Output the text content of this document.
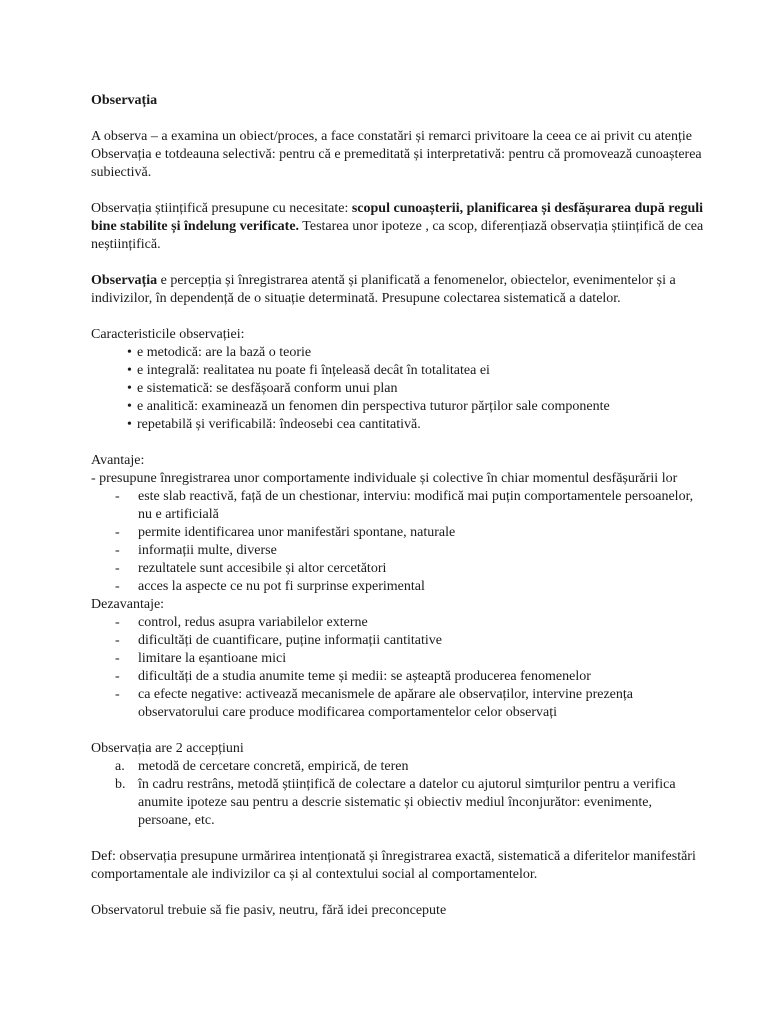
Observația

A observa – a examina un obiect/proces, a face constatări și remarci privitoare la ceea ce ai privit cu atenție

Observația e totdeauna selectivă: pentru că e premeditată și interpretativă: pentru că promovează cunoașterea subiectivă.

Observația științifică presupune cu necesitate: scopul cunoașterii, planificarea și desfășurarea după reguli bine stabilite și îndelung verificate. Testarea unor ipoteze , ca scop, diferențiază observația științifică de cea neștiințifică.

Observația e percepția și înregistrarea atentă și planificată a fenomenelor, obiectelor, evenimentelor și a indivizilor, în dependență de o situație determinată. Presupune colectarea sistematică a datelor.

Caracteristicile observației:

• e metodică: are la bază o teorie
• e integrală: realitatea nu poate fi înțeleasă decât în totalitatea ei
• e sistematică: se desfășoară conform unui plan
• e analitică: examinează un fenomen din perspectiva tuturor părților sale componente
• repetabilă și verificabilă: îndeosebi cea cantitativă.

Avantaje:

- presupune înregistrarea unor comportamente individuale și colective în chiar momentul desfășurării lor

- este slab reactivă, față de un chestionar, interviu: modifică mai puțin comportamentele persoanelor, nu e artificială
- permite identificarea unor manifestări spontane, naturale
- informații multe, diverse
- rezultatele sunt accesibile și altor cercetători
- acces la aspecte ce nu pot fi surprinse experimental

Dezavantaje:

- control, redus asupra variabilelor externe
- dificultăți de cuantificare, puține informații cantitative
- limitare la eșantioane mici
- dificultăți de a studia anumite teme și medii: se așteaptă producerea fenomenelor
- ca efecte negative: activează mecanismele de apărare ale observaților, intervine prezența observatorului care produce modificarea comportamentelor celor observați

Observația are 2 accepțiuni

a. metodă de cercetare concretă, empirică, de teren
b. în cadru restrâns, metodă științifică de colectare a datelor cu ajutorul simțurilor pentru a verifica anumite ipoteze sau pentru a descrie sistematic și obiectiv mediul înconjurător: evenimente, persoane, etc.

Def: observația presupune urmărirea intenționată și înregistrarea exactă, sistematică a diferitelor manifestări comportamentale ale indivizilor ca și al contextului social al comportamentelor.

Observatorul trebuie să fie pasiv, neutru, fără idei preconcepute
